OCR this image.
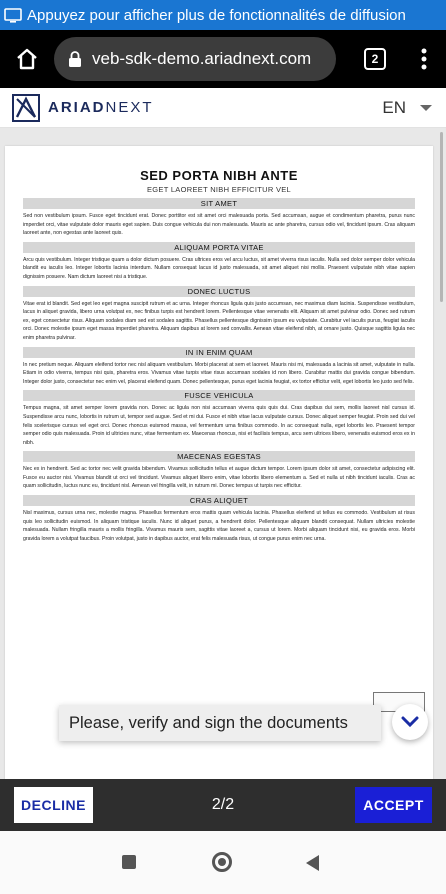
Appuyez pour afficher plus de fonctionnalités de diffusion
veb-sdk-demo.ariadnext.com	2
ARIADNEXT	EN
SED PORTA NIBH ANTE
EGET LAOREET NIBH EFFICITUR VEL
SIT AMET
Sed non vestibulum ipsum. Fusce eget tincidunt erat. Donec porttitor est sit amet orci malesuada porta. Sed accumsan, augue et condimentum pharetra, purus nunc imperdiet orci, vitae vulputate dolor mauris eget sapien. Duis congue vehicula dui non malesuada. Mauris ac ante pharetra, cursus odio vel, tincidunt ipsum. Cras aliquam laoreet ante, non egestas ante laoreet quis.
ALIQUAM PORTA VITAE
Arcu quis vestibulum. Integer tristique quam a dolor dictum posuere. Cras ultrices eros vel arcu luctus, sit amet viverra risus iaculis. Nulla sed dolor semper dolor vehicula blandit eu iaculis leo. Integer lobortis lacinia interdum. Nullam consequat lacus id justo malesuada, sit amet aliquet nisi mollis. Praesent vulputate nibh vitae sapien dignissim posuere. Nam dictum laoreet nisi a tristique.
DONEC LUCTUS
Vitae erat id blandit. Sed eget leo eget magna suscipit rutrum et ac urna. Integer rhoncus ligula quis justo accumsan, nec maximus diam lacinia. Suspendisse vestibulum, lacus in aliquet gravida, libero urna volutpat ex, nec finibus turpis est hendrerit lorem. Pellentesque vitae venenatis elit. Aliquam sit amet pulvinar odio. Donec sed rutrum ex, eget consectetur risus. Aliquam sodales diam sed est sodales sagittis. Phasellus pellentesque dignissim ipsum eu vulputate. Curabitur vel iaculis purus, feugiat iaculis orci. Donec molestie ipsum eget massa imperdiet pharetra. Aliquam dapibus at lorem sed convallis. Aenean vitae eleifend nibh, at ornare justo. Quisque sagittis ligula nec enim pharetra pulvinar.
IN IN ENIM QUAM
In nec pretium neque. Aliquam eleifend tortor nec nisl aliquam vestibulum. Morbi placerat at sem et laoreet. Mauris nisi mi, malesuada a lacinia sit amet, vulputate in nulla. Etiam in odio viverra, tempus nisi quis, pharetra eros. Vivamus vitae turpis vitae risus accumsan sodales id non libero. Curabitur mattis dui gravida congue bibendum. Integer dolor justo, consectetur nec enim vel, placerat eleifend quam. Donec pellentesque, purus eget lacinia feugiat, ex tortor efficitur velit, eget lobortis leo justo sed felis.
FUSCE VEHICULA
Tempus magna, sit amet semper lorem gravida non. Donec ac ligula non nisi accumsan viverra quis quis dui. Cras dapibus dui sem, mollis laoreet nisl cursus id. Suspendisse arcu nunc, lobortis in rutrum ut, tempor sed augue. Sed et mi dui. Fusce et nibh vitae lacus vulputate cursus. Donec aliquet semper feugiat. Proin sed dui vel felis scelerisque cursus vel eget orci. Donec rhoncus euismod massa, vel fermentum urna finibus commodo. In ac consequat nulla, eget lobortis leo. Praesent tempor semper odio quis malesuada. Proin id ultricies nunc, vitae fermentum ex. Maecenas rhoncus, nisi et facilisis tempus, arcu sem ultrices libero, venenatis euismod eros ex in nibh.
MAECENAS EGESTAS
Nec ex in hendrerit. Sed ac tortor nec velit gravida bibendum. Vivamus sollicitudin tellus et augue dictum tempor. Lorem ipsum dolor sit amet, consectetur adipiscing elit. Fusce eu auctor nisi. Vivamus blandit ut orci vel tincidunt. Vivamus aliquet libero enim, vitae lobortis libero elementum a. Sed et nulla ut nibh tincidunt iaculis. Cras ac quam sollicitudin, luctus nunc eu, tincidunt nisl. Aenean vel fringilla velit, in rutrum mi. Donec tempus ut turpis nec efficitur.
CRAS ALIQUET
Nisl maximus, cursus urna nec, molestie magna. Phasellus fermentum eros mattis quam vehicula lacinia. Phasellus eleifend ut tellus eu commodo. Vestibulum at risus quis leo sollicitudin euismod. In aliquam tristique iaculis. Nunc id aliquet purus, a hendrerit dolor. Pellentesque aliquam blandit consequat. Nullam ultricies molestie malesuada. Nullam fringilla mauris a mollis fringilla. Vivamus mauris sem, sagittis vitae laoreet a, cursus ut lorem. Morbi aliquam tincidunt nisi, eu gravida eros. Morbi gravida lorem a volutpat faucibus. Proin volutpat, justo in dapibus auctor, erat felis malesuada risus, ut congue purus enim nec urna.
Please, verify and sign the documents
DECLINE	2/2	ACCEPT
